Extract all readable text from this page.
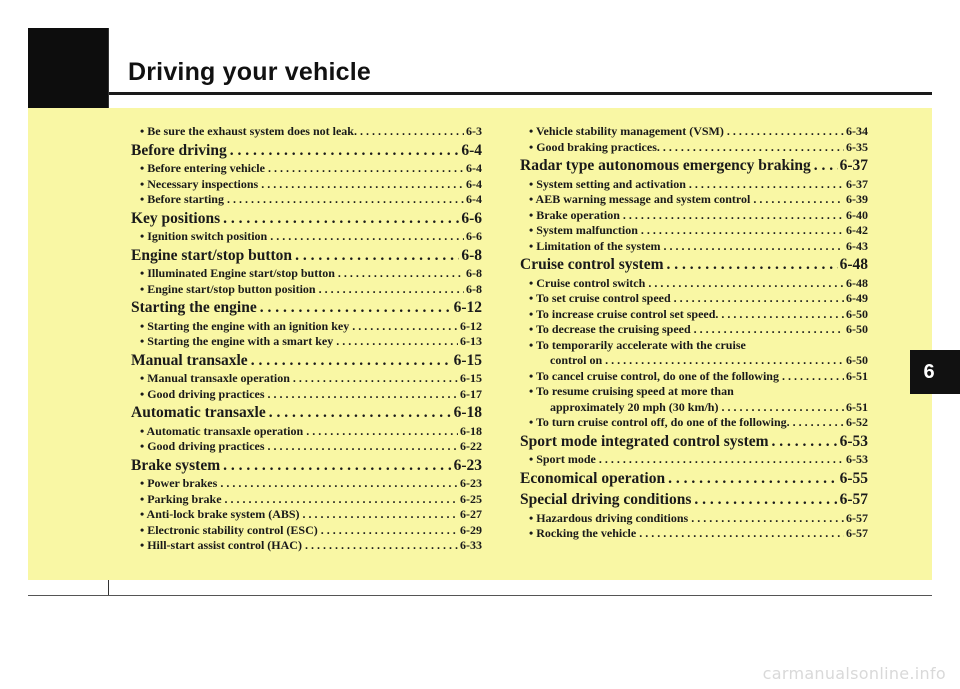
Driving your vehicle
• Be sure the exhaust system does not leak. . . .	6-3
Before driving . . .	6-4
• Before entering vehicle . . .	6-4
• Necessary inspections . . .	6-4
• Before starting . . .	6-4
Key positions . . .	6-6
• Ignition switch position . . .	6-6
Engine start/stop button . . .	6-8
• Illuminated Engine start/stop button . . .	6-8
• Engine start/stop button position . . .	6-8
Starting the engine . . .	6-12
• Starting the engine with an ignition key . . .	6-12
• Starting the engine with a smart key . . .	6-13
Manual transaxle . . .	6-15
• Manual transaxle operation . . .	6-15
• Good driving practices . . .	6-17
Automatic transaxle . . .	6-18
• Automatic transaxle operation . . .	6-18
• Good driving practices . . .	6-22
Brake system . . .	6-23
• Power brakes . . .	6-23
• Parking brake . . .	6-25
• Anti-lock brake system (ABS) . . .	6-27
• Electronic stability control (ESC) . . .	6-29
• Hill-start assist control (HAC) . . .	6-33
• Vehicle stability management (VSM) . . .	6-34
• Good braking practices. . . .	6-35
Radar type autonomous emergency braking . . . 6-37
• System setting and activation . . .	6-37
• AEB warning message and system control . . .	6-39
• Brake operation . . .	6-40
• System malfunction . . .	6-42
• Limitation of the system . . .	6-43
Cruise control system . . .	6-48
• Cruise control switch . . .	6-48
• To set cruise control speed . . .	6-49
• To increase cruise control set speed. . . .	6-50
• To decrease the cruising speed . . .	6-50
• To temporarily accelerate with the cruise
control on . . .	6-50
• To cancel cruise control, do one of the following . . .	6-51
• To resume cruising speed at more than
approximately 20 mph (30 km/h) . . .	6-51
• To turn cruise control off, do one of the following. . . .	6-52
Sport mode integrated control system . . .	6-53
• Sport mode . . .	6-53
Economical operation . . .	6-55
Special driving conditions . . .	6-57
• Hazardous driving conditions . . .	6-57
• Rocking the vehicle . . .	6-57
6
carmanualsonline.info
